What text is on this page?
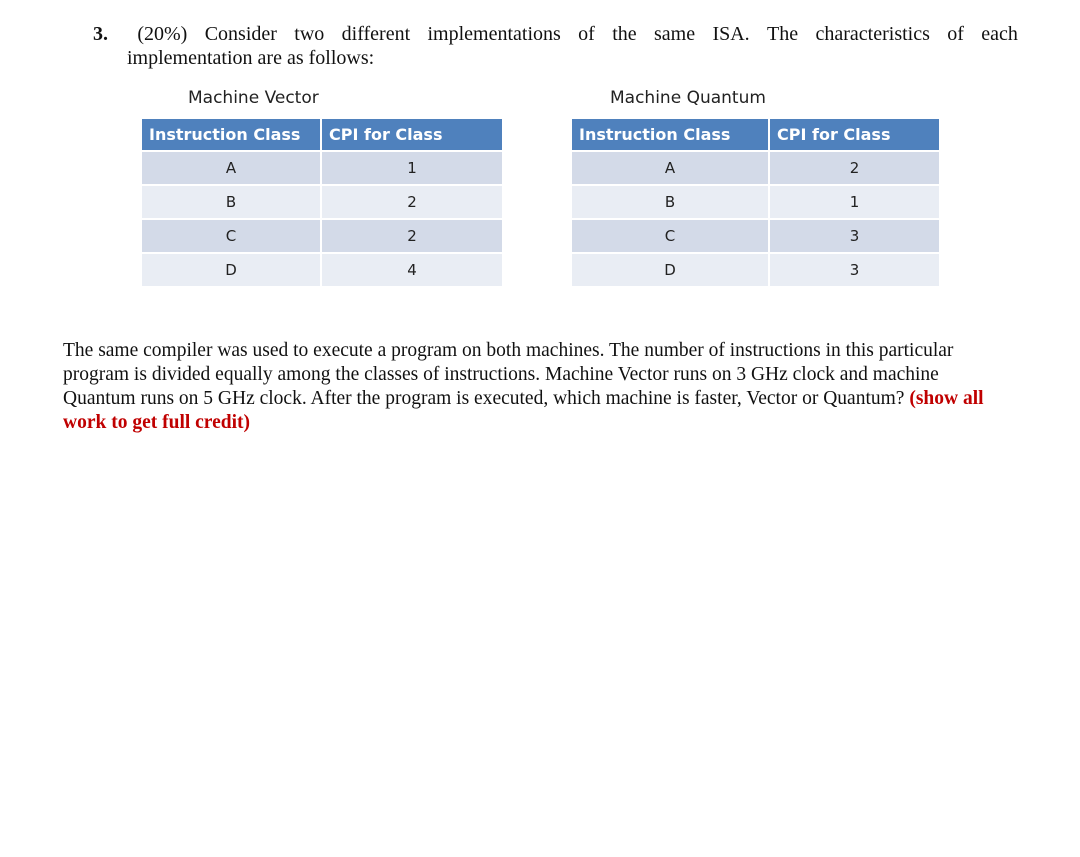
3. (20%) Consider two different implementations of the same ISA. The characteristics of each
implementation are as follows:
Machine Vector
Instruction Class	CPI for Class
A	1
B	2
C	2
D	4
Machine Quantum
Instruction Class	CPI for Class
A	2
B	1
C	3
D	3
The same compiler was used to execute a program on both machines. The number of instructions in this particular program is divided equally among the classes of instructions. Machine Vector runs on 3 GHz clock and machine Quantum runs on 5 GHz clock. After the program is executed, which machine is faster, Vector or Quantum? (show all work to get full credit)
